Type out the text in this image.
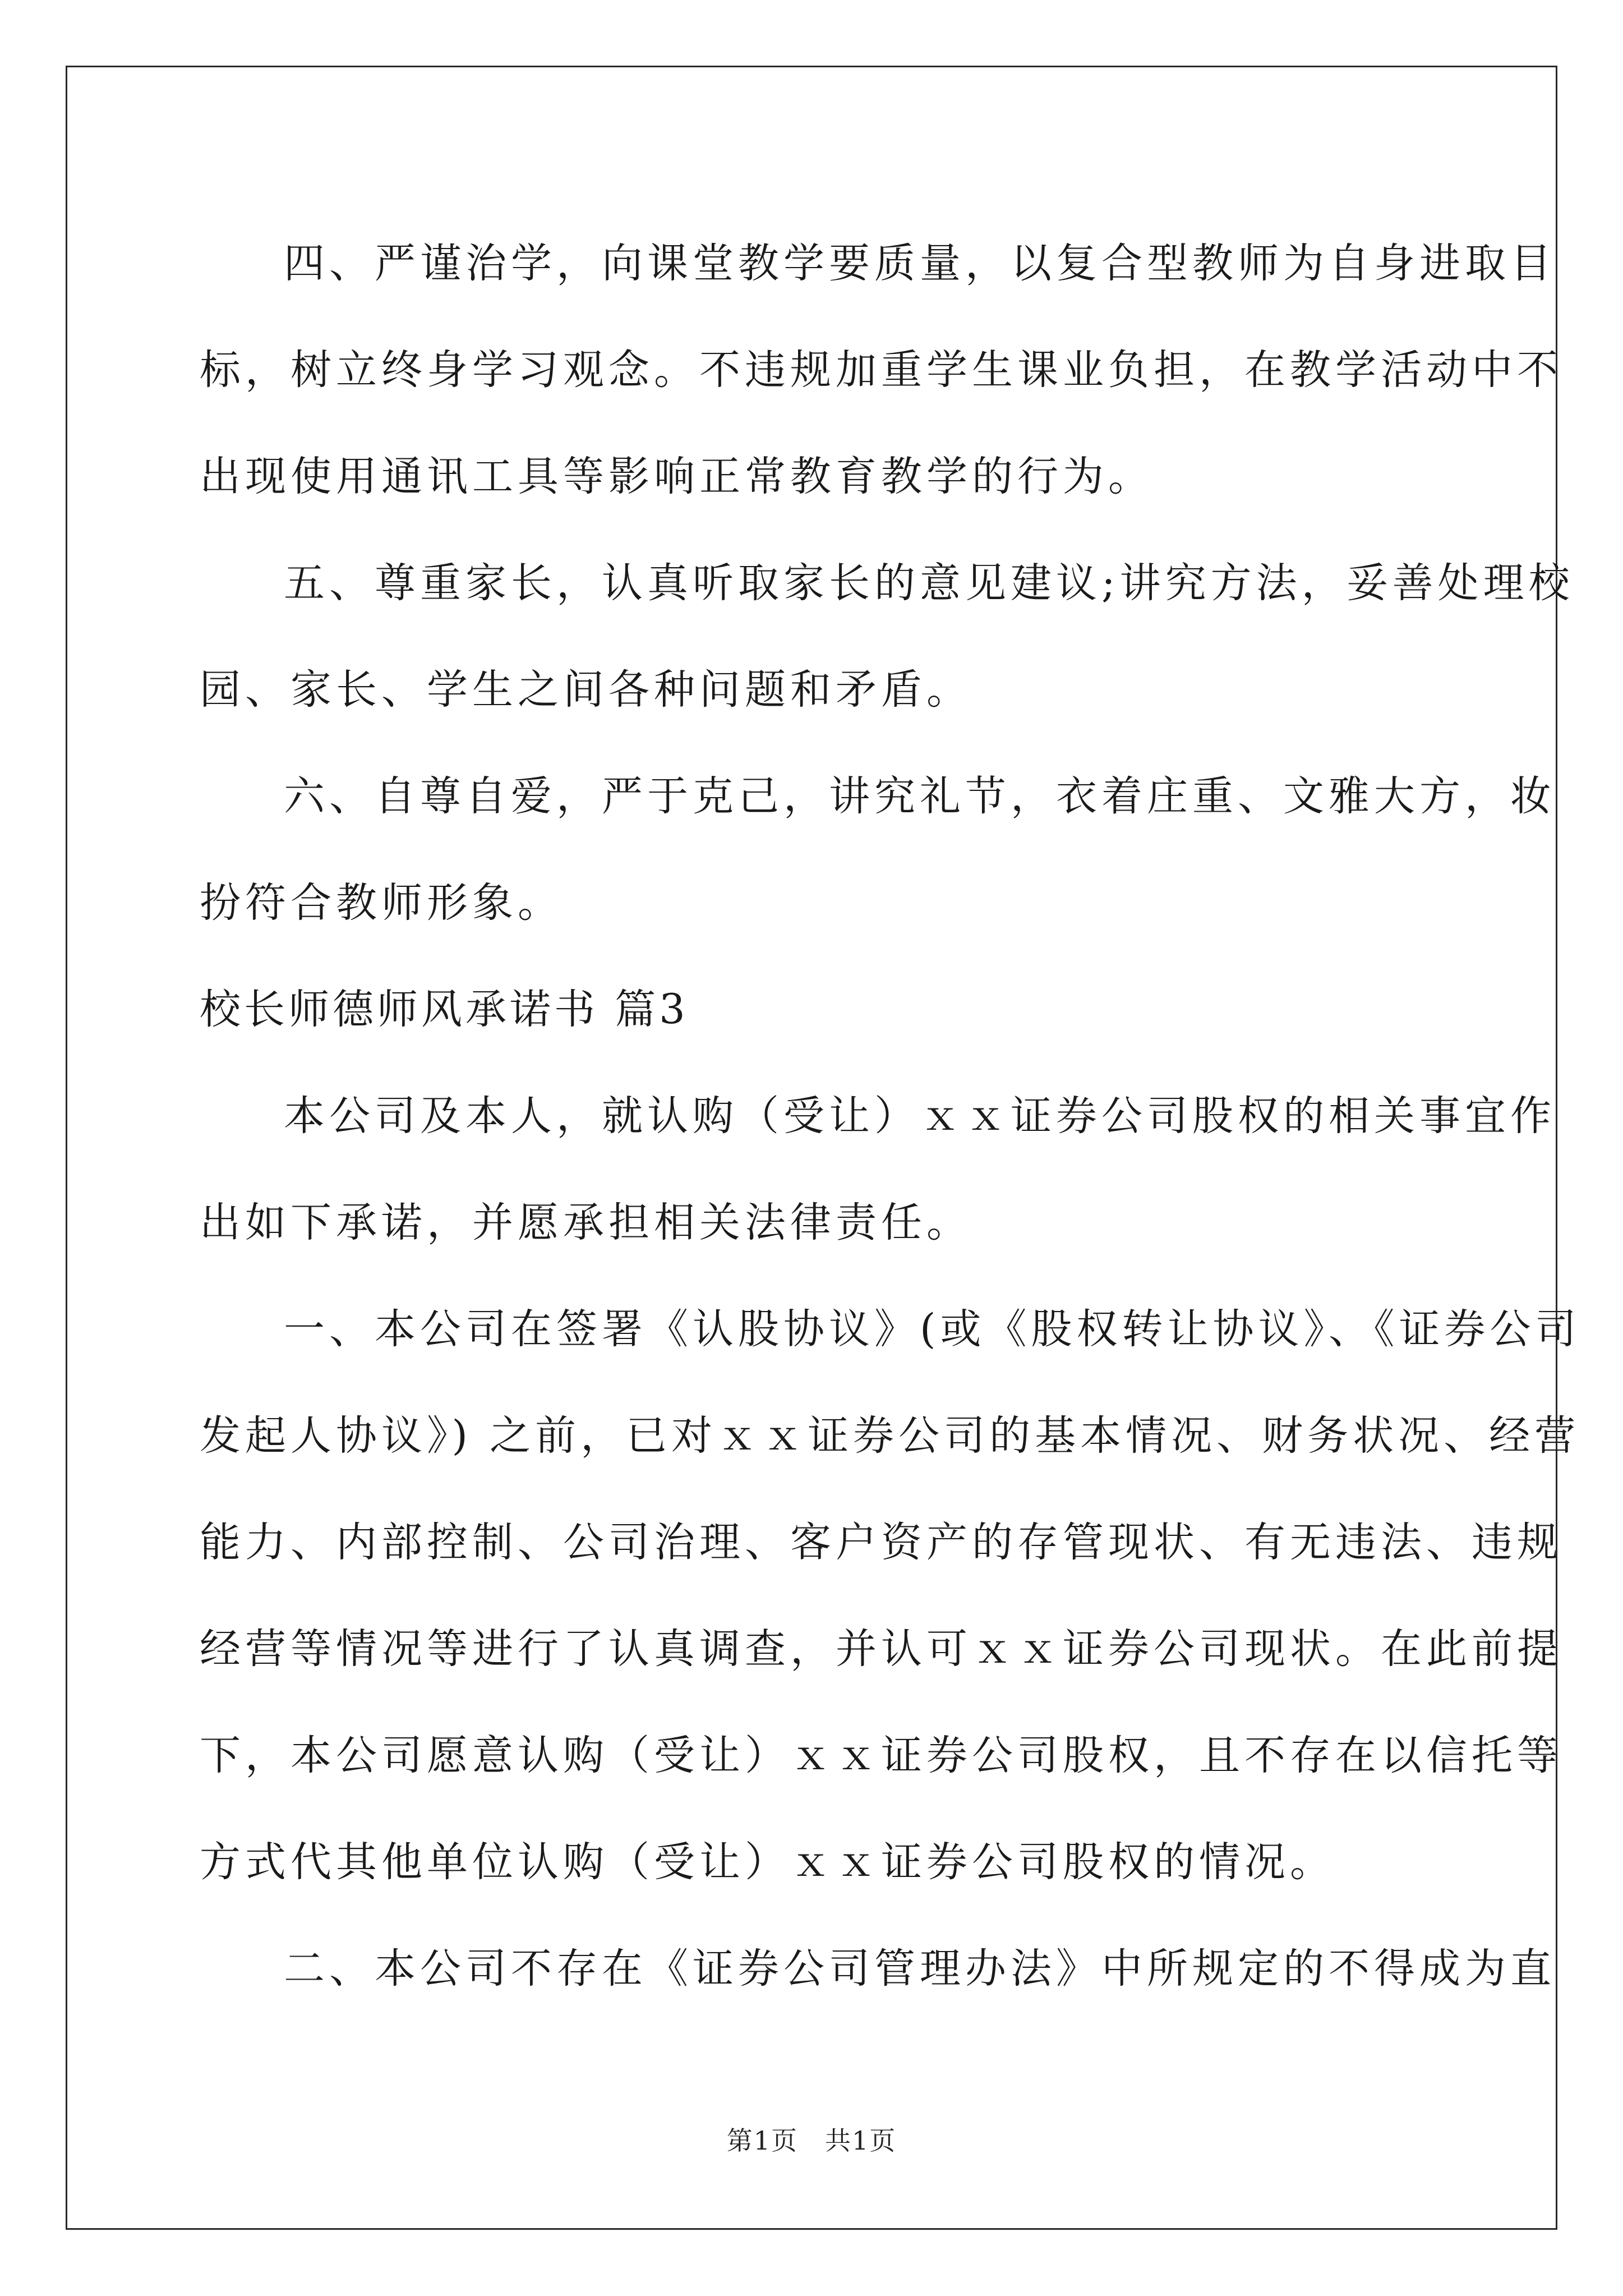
四、严谨治学，向课堂教学要质量，以复合型教师为自身进取目
标，树立终身学习观念。不违规加重学生课业负担，在教学活动中不
出现使用通讯工具等影响正常教育教学的行为。
五、尊重家长，认真听取家长的意见建议;讲究方法，妥善处理校
园、家长、学生之间各种问题和矛盾。
六、自尊自爱，严于克己，讲究礼节，衣着庄重、文雅大方，妆
扮符合教师形象。
校长师德师风承诺书 篇3
本公司及本人，就认购（受让）ｘｘ证券公司股权的相关事宜作
出如下承诺，并愿承担相关法律责任。
一、本公司在签署《认股协议》(或《股权转让协议》、《证券公司
发起人协议》) 之前，已对ｘｘ证券公司的基本情况、财务状况、经营
能力、内部控制、公司治理、客户资产的存管现状、有无违法、违规
经营等情况等进行了认真调查，并认可ｘｘ证券公司现状。在此前提
下，本公司愿意认购（受让）ｘｘ证券公司股权，且不存在以信托等
方式代其他单位认购（受让）ｘｘ证券公司股权的情况。
二、本公司不存在《证券公司管理办法》中所规定的不得成为直
第1页　共1页
